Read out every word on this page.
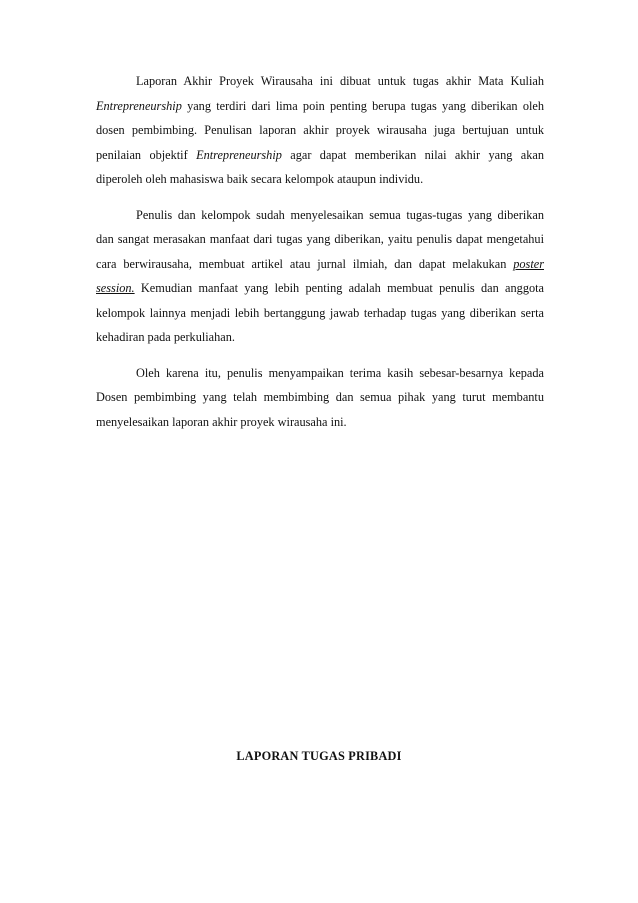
Laporan Akhir Proyek Wirausaha ini dibuat untuk tugas akhir Mata Kuliah Entrepreneurship yang terdiri dari lima poin penting berupa tugas yang diberikan oleh dosen pembimbing. Penulisan laporan akhir proyek wirausaha juga bertujuan untuk penilaian objektif Entrepreneurship agar dapat memberikan nilai akhir yang akan diperoleh oleh mahasiswa baik secara kelompok ataupun individu.

Penulis dan kelompok sudah menyelesaikan semua tugas-tugas yang diberikan dan sangat merasakan manfaat dari tugas yang diberikan, yaitu penulis dapat mengetahui cara berwirausaha, membuat artikel atau jurnal ilmiah, dan dapat melakukan poster session. Kemudian manfaat yang lebih penting adalah membuat penulis dan anggota kelompok lainnya menjadi lebih bertanggung jawab terhadap tugas yang diberikan serta kehadiran pada perkuliahan.

Oleh karena itu, penulis menyampaikan terima kasih sebesar-besarnya kepada Dosen pembimbing yang telah membimbing dan semua pihak yang turut membantu menyelesaikan laporan akhir proyek wirausaha ini.

LAPORAN TUGAS PRIBADI
